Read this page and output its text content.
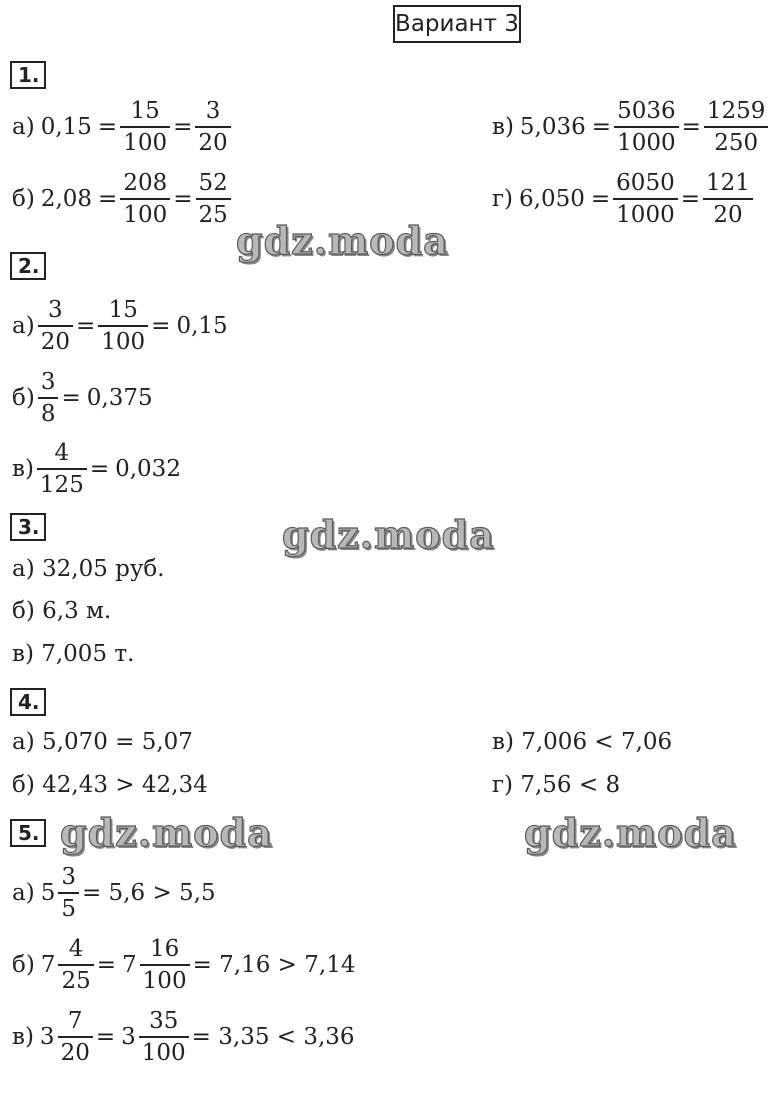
Вариант 3
1.
а) $0,15 = \frac{15}{100} = \frac{3}{20}$
б) $2,08 = \frac{208}{100} = \frac{52}{25}$
в) $5,036 = \frac{5036}{1000} = \frac{1259}{250}$
г) $6,050 = \frac{6050}{1000} = \frac{121}{20}$
gdz.moda
2.
$а) \frac{3}{20} = \frac{15}{100} = 0,15$
$б) \frac{3}{8} = 0,375$
$в) \frac{4}{125} = 0,032$
3.	gdz.moda
а) 32,05 руб.
б) 6,3 м.
в) 7,005 т.
4.
а) 5,070 = 5,07
б) 42,43 > 42,34
в) 7,006 < 7,06
г) 7,56 < 8
5. gdz.moda	gdz.moda
а) $5 \frac{3}{5} = 5,6 > 5,5$
б) $7 \frac{4}{25} = 7 \frac{16}{100} = 7,16 > 7,14$
в) $3 \frac{7}{20} = 3 \frac{35}{100} = 3,35 < 3,36$
